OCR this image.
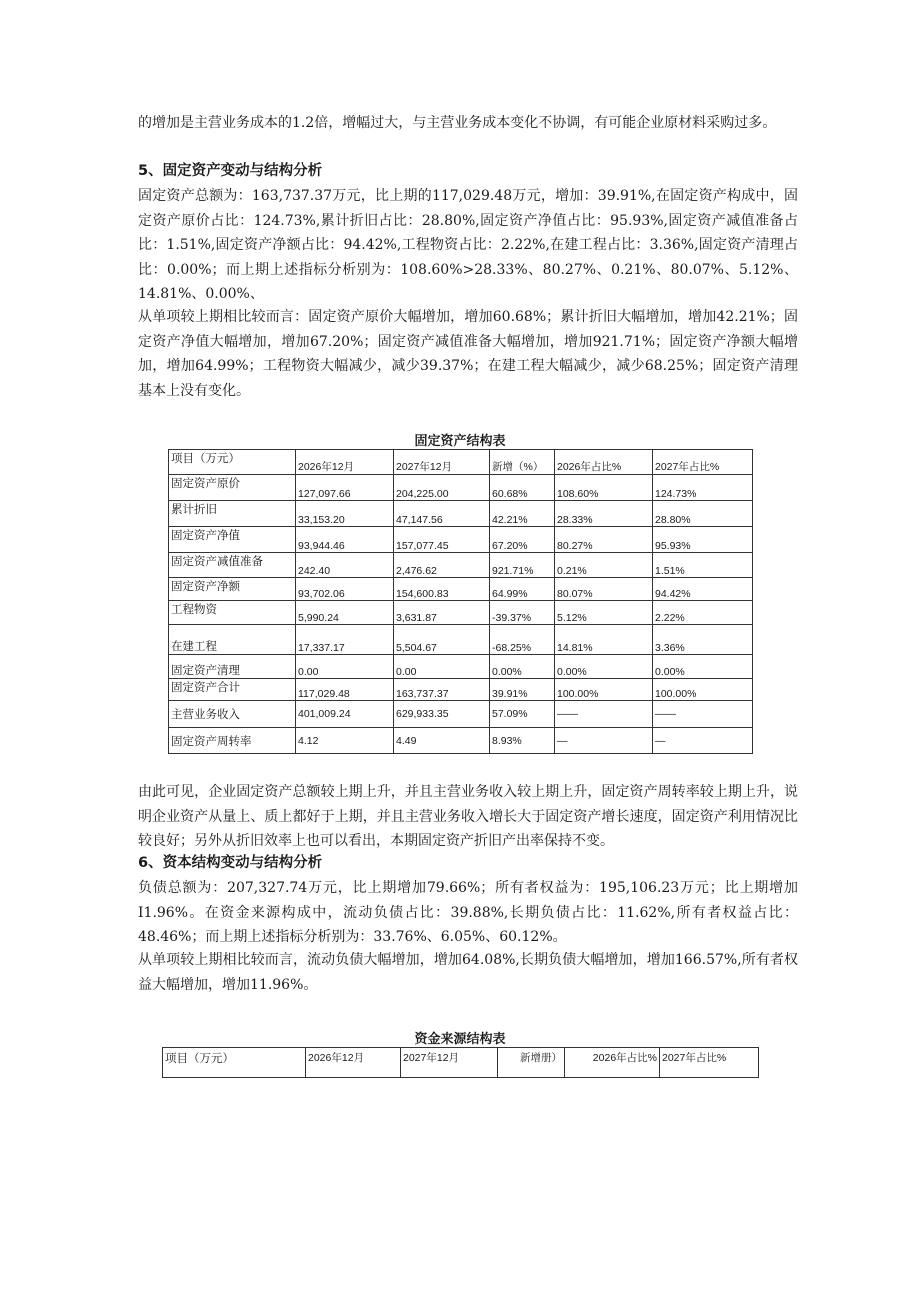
的增加是主营业务成本的1.2倍，增幅过大，与主营业务成本变化不协调，有可能企业原材料采购过多。

5、固定资产变动与结构分析

固定资产总额为：163,737.37万元，比上期的117,029.48万元，增加：39.91%,在固定资产构成中，固定资产原价占比：124.73%,累计折旧占比：28.80%,固定资产净值占比：95.93%,固定资产减值准备占比：1.51%,固定资产净额占比：94.42%,工程物资占比：2.22%,在建工程占比：3.36%,固定资产清理占比：0.00%；而上期上述指标分析别为：108.60%>28.33%、80.27%、0.21%、80.07%、5.12%、14.81%、0.00%、

从单项较上期相比较而言：固定资产原价大幅增加，增加60.68%；累计折旧大幅增加，增加42.21%；固定资产净值大幅增加，增加67.20%；固定资产减值准备大幅增加，增加921.71%；固定资产净额大幅增加，增加64.99%；工程物资大幅减少，减少39.37%；在建工程大幅减少，减少68.25%；固定资产清理基本上没有变化。

固定资产结构表
项目（万元）	2026年12月	2027年12月	新增（%）	2026年占比%	2027年占比%
固定资产原价	127,097.66	204,225.00	60.68%	108.60%	124.73%
累计折旧	33,153.20	47,147.56	42.21%	28.33%	28.80%
固定资产净值	93,944.46	157,077.45	67.20%	80.27%	95.93%
固定资产减值准备	242.40	2,476.62	921.71%	0.21%	1.51%
固定资产净额	93,702.06	154,600.83	64.99%	80.07%	94.42%
工程物资	5,990.24	3,631.87	-39.37%	5.12%	2.22%
在建工程	17,337.17	5,504.67	-68.25%	14.81%	3.36%
固定资产清理	0.00	0.00	0.00%	0.00%	0.00%
固定资产合计	117,029.48	163,737.37	39.91%	100.00%	100.00%
主营业务收入	401,009.24	629,933.35	57.09%	——	——
固定资产周转率	4.12	4.49	8.93%	—	—

由此可见，企业固定资产总额较上期上升，并且主营业务收入较上期上升，固定资产周转率较上期上升，说明企业资产从量上、质上都好于上期，并且主营业务收入增长大于固定资产增长速度，固定资产利用情况比较良好；另外从折旧效率上也可以看出，本期固定资产折旧产出率保持不变。

6、资本结构变动与结构分析

负债总额为：207,327.74万元，比上期增加79.66%；所有者权益为：195,106.23万元；比上期增加I1.96%。在资金来源构成中，流动负债占比：39.88%,长期负债占比：11.62%,所有者权益占比：48.46%；而上期上述指标分析别为：33.76%、6.05%、60.12%。

从单项较上期相比较而言，流动负债大幅增加，增加64.08%,长期负债大幅增加，增加166.57%,所有者权益大幅增加，增加11.96%。

资金来源结构表
项目（万元）	2026年12月	2027年12月	新增册）	2026年占比%	2027年占比%
